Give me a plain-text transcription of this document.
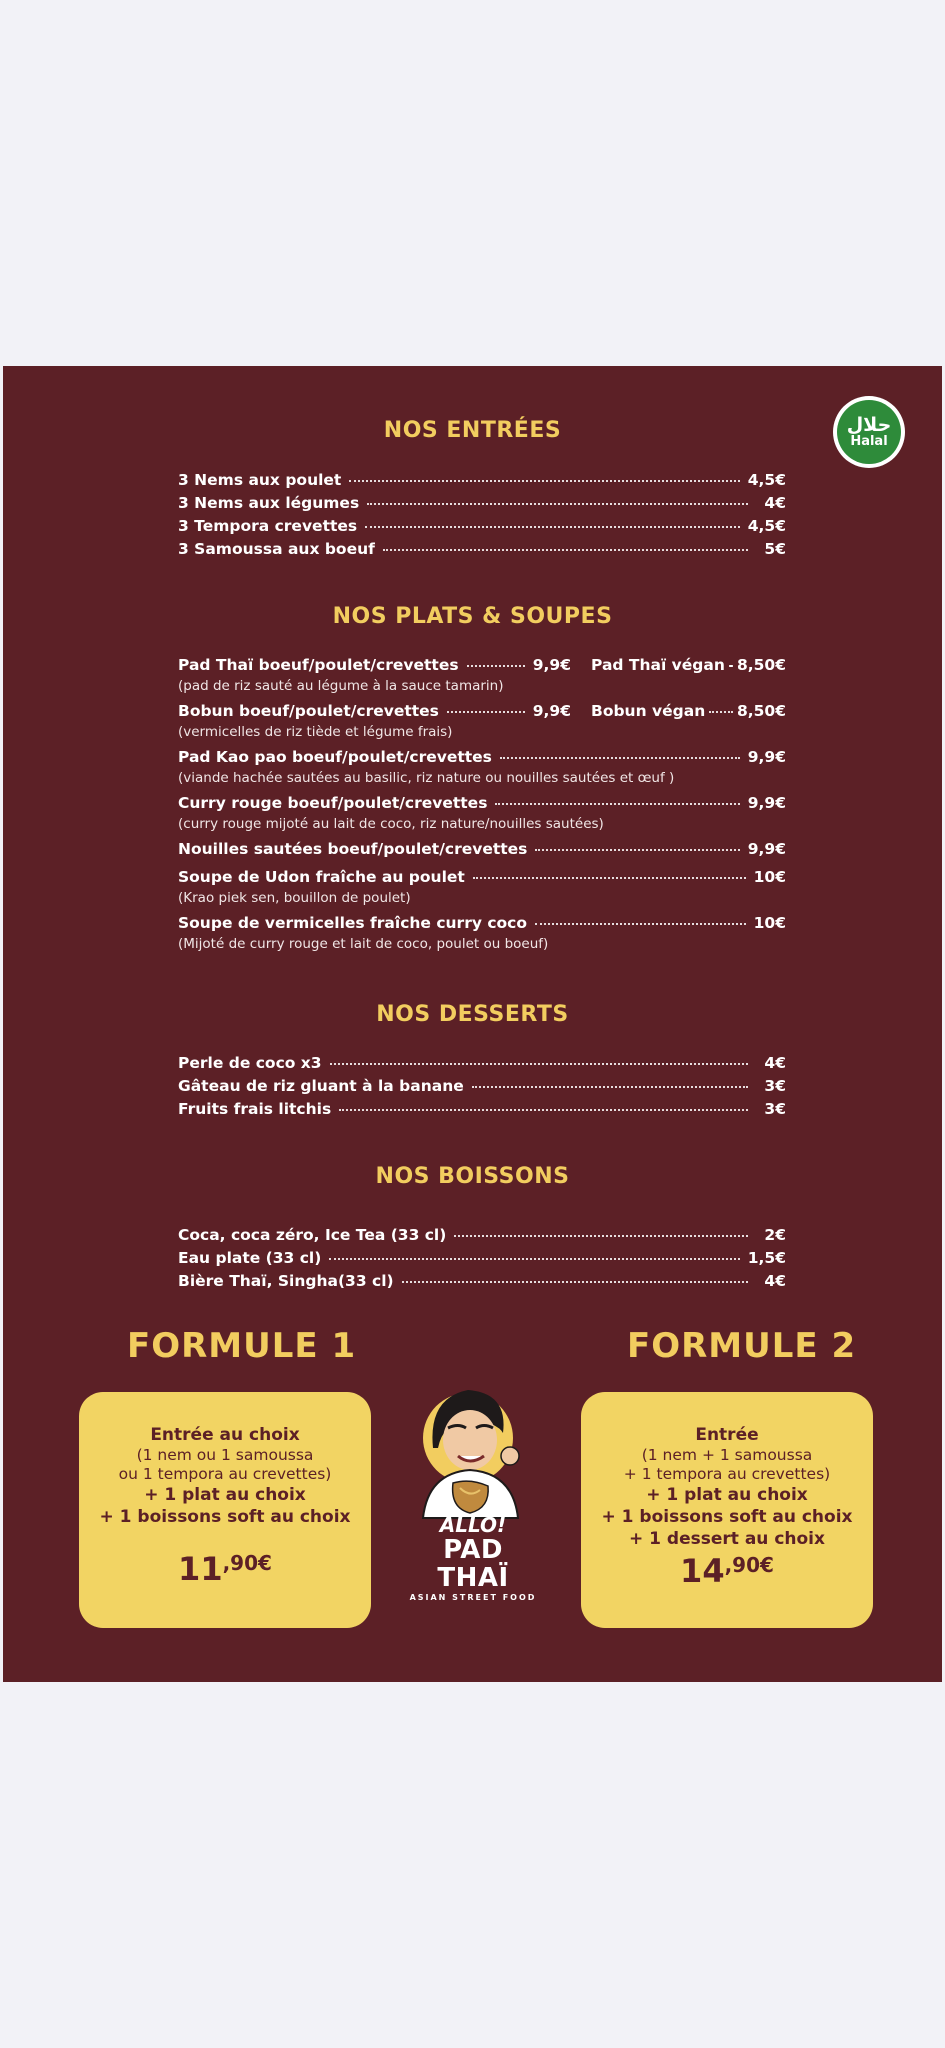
حلال
Halal
NOS ENTRÉES
3 Nems aux poulet	4,5€
3 Nems aux légumes	4€
3 Tempora crevettes	4,5€
3 Samoussa aux boeuf	5€
NOS PLATS & SOUPES
Pad Thaï boeuf/poulet/crevettes	9,9€ Pad Thaï végan 8,50€
(pad de riz sauté au légume à la sauce tamarin)
Bobun boeuf/poulet/crevettes	9,9€ Bobun végan 8,50€
(vermicelles de riz tiède et légume frais)
Pad Kao pao boeuf/poulet/crevettes	9,9€
(viande hachée sautées au basilic, riz nature ou nouilles sautées et œuf )
Curry rouge boeuf/poulet/crevettes	9,9€
(curry rouge mijoté au lait de coco, riz nature/nouilles sautées)
Nouilles sautées boeuf/poulet/crevettes	9,9€
Soupe de Udon fraîche au poulet	10€
(Krao piek sen, bouillon de poulet)
Soupe de vermicelles fraîche curry coco	10€
(Mijoté de curry rouge et lait de coco, poulet ou boeuf)
NOS DESSERTS
Perle de coco x3	4€
Gâteau de riz gluant à la banane	3€
Fruits frais litchis	3€
NOS BOISSONS
Coca, coca zéro, Ice Tea (33 cl)	2€
Eau plate (33 cl)	1,5€
Bière Thaï, Singha(33 cl)	4€
FORMULE 1	FORMULE 2
Entrée au choix
(1 nem ou 1 samoussa
ou 1 tempora au crevettes)
+ 1 plat au choix
+ 1 boissons soft au choix
$11^{,90€}$
Entrée
(1 nem + 1 samoussa
+ 1 tempora au crevettes)
+ 1 plat au choix
+ 1 boissons soft au choix
+ 1 dessert au choix
$14^{,90€}$
ALLO!
PAD THAÏ
ASIAN STREET FOOD
